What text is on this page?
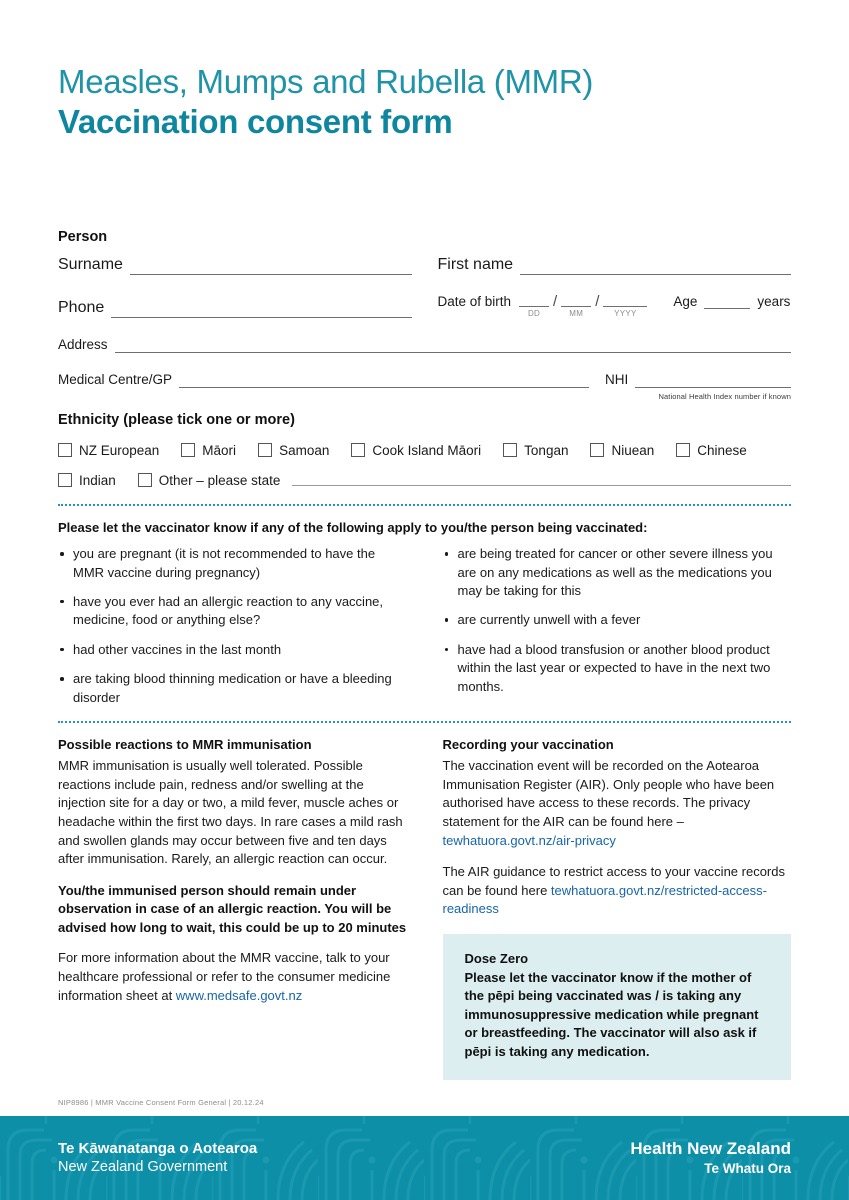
Measles, Mumps and Rubella (MMR)
Vaccination consent form
Person
Surname	First name
Phone	Date of birth
DD
/
MM
/
YYYY
Age	years
Address
Medical Centre/GP	NHI
National Health Index number if known
Ethnicity (please tick one or more)
NZ European	Māori	Samoan	Cook Island Māori	Tongan	Niuean	Chinese
Indian	Other – please state
Please let the vaccinator know if any of the following apply to you/the person being vaccinated:
you are pregnant (it is not recommended to have the MMR vaccine during pregnancy)
have you ever had an allergic reaction to any vaccine, medicine, food or anything else?
had other vaccines in the last month
are taking blood thinning medication or have a bleeding disorder
are being treated for cancer or other severe illness you are on any medications as well as the medications you may be taking for this
are currently unwell with a fever
have had a blood transfusion or another blood product within the last year or expected to have in the next two months.
Possible reactions to MMR immunisation

MMR immunisation is usually well tolerated. Possible reactions include pain, redness and/or swelling at the injection site for a day or two, a mild fever, muscle aches or headache within the first two days. In rare cases a mild rash and swollen glands may occur between five and ten days after immunisation. Rarely, an allergic reaction can occur.

You/the immunised person should remain under observation in case of an allergic reaction. You will be advised how long to wait, this could be up to 20 minutes

For more information about the MMR vaccine, talk to your healthcare professional or refer to the consumer medicine information sheet at www.medsafe.govt.nz

Recording your vaccination

The vaccination event will be recorded on the Aotearoa Immunisation Register (AIR). Only people who have been authorised have access to these records. The privacy statement for the AIR can be found here – tewhatuora.govt.nz/air-privacy

The AIR guidance to restrict access to your vaccine records can be found here tewhatuora.govt.nz/restricted-access-readiness

Dose Zero
Please let the vaccinator know if the mother of the pēpi being vaccinated was / is taking any immunosuppressive medication while pregnant or breastfeeding. The vaccinator will also ask if pēpi is taking any medication.
NIP8986 | MMR Vaccine Consent Form General | 20.12.24
Te Kāwanatanga o Aotearoa
New Zealand Government
Health New Zealand
Te Whatu Ora
